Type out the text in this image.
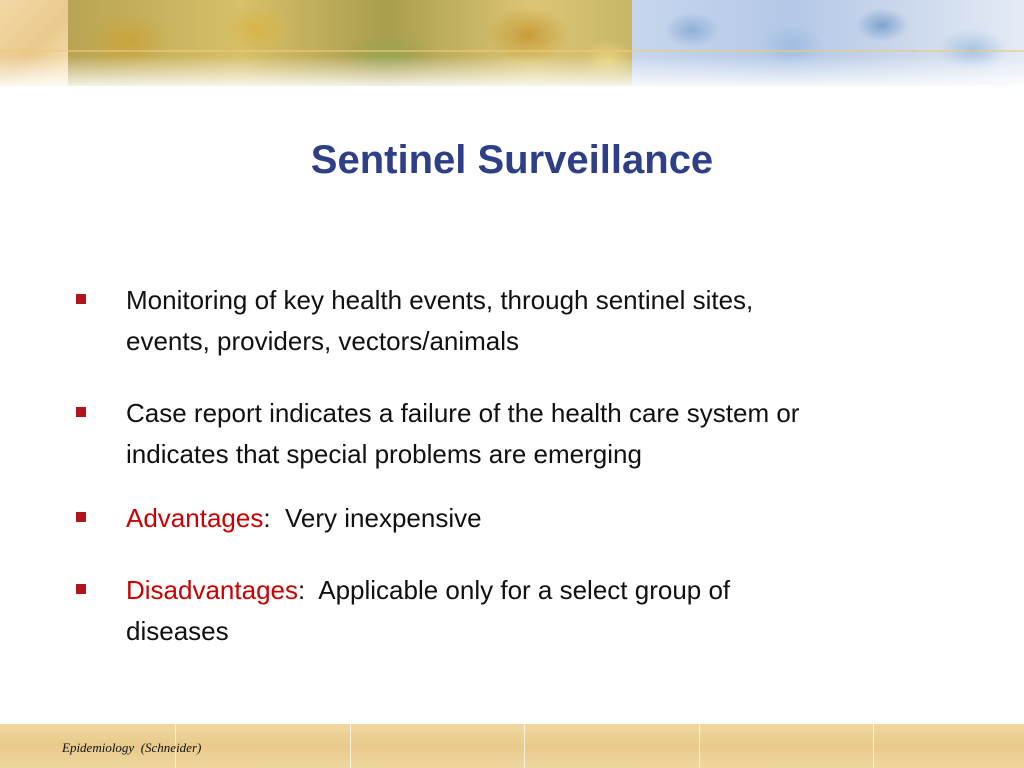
Sentinel Surveillance
Monitoring of key health events, through sentinel sites,
events, providers, vectors/animals
Case report indicates a failure of the health care system or
indicates that special problems are emerging
Advantages:  Very inexpensive
Disadvantages:  Applicable only for a select group of
diseases
Epidemiology  (Schneider)
